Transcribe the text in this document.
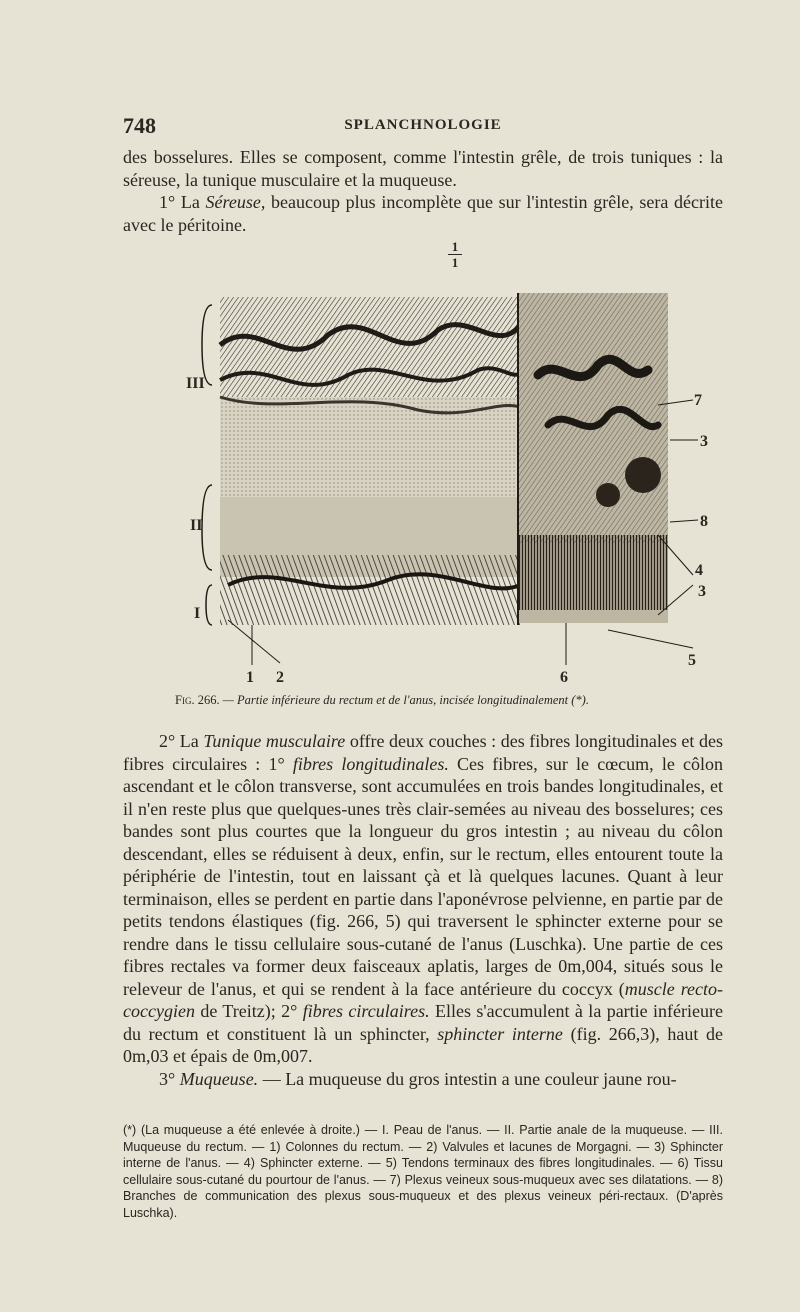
748	SPLANCHNOLOGIE

des bosselures. Elles se composent, comme l'intestin grêle, de trois tuniques : la séreuse, la tunique musculaire et la muqueuse.

1° La Séreuse, beaucoup plus incomplète que sur l'intestin grêle, sera décrite avec le péritoine.

1
1
III
II
I
7
3
8
4
3
5
1 2	6
Fig. 266. — Partie inférieure du rectum et de l'anus, incisée longitudinalement (*).

2° La Tunique musculaire offre deux couches : des fibres longitudinales et des fibres circulaires : 1° fibres longitudinales. Ces fibres, sur le cœcum, le côlon ascendant et le côlon transverse, sont accumulées en trois bandes longitudinales, et il n'en reste plus que quelques-unes très clair-semées au niveau des bosselures; ces bandes sont plus courtes que la longueur du gros intestin ; au niveau du côlon descendant, elles se réduisent à deux, enfin, sur le rectum, elles entourent toute la périphérie de l'intestin, tout en laissant çà et là quelques lacunes. Quant à leur terminaison, elles se perdent en partie dans l'aponévrose pelvienne, en partie par de petits tendons élastiques (fig. 266, 5) qui traversent le sphincter externe pour se rendre dans le tissu cellulaire sous-cutané de l'anus (Luschka). Une partie de ces fibres rectales va former deux faisceaux aplatis, larges de 0m,004, situés sous le releveur de l'anus, et qui se rendent à la face antérieure du coccyx (muscle recto-coccygien de Treitz); 2° fibres circulaires. Elles s'accumulent à la partie inférieure du rectum et constituent là un sphincter, sphincter interne (fig. 266,3), haut de 0m,03 et épais de 0m,007.

3° Muqueuse. — La muqueuse du gros intestin a une couleur jaune rou-

(*) (La muqueuse a été enlevée à droite.) — I. Peau de l'anus. — II. Partie anale de la muqueuse. — III. Muqueuse du rectum. — 1) Colonnes du rectum. — 2) Valvules et lacunes de Morgagni. — 3) Sphincter interne de l'anus. — 4) Sphincter externe. — 5) Tendons terminaux des fibres longitudinales. — 6) Tissu cellulaire sous-cutané du pourtour de l'anus. — 7) Plexus veineux sous-muqueux avec ses dilatations. — 8) Branches de communication des plexus sous-muqueux et des plexus veineux péri-rectaux. (D'après Luschka).
